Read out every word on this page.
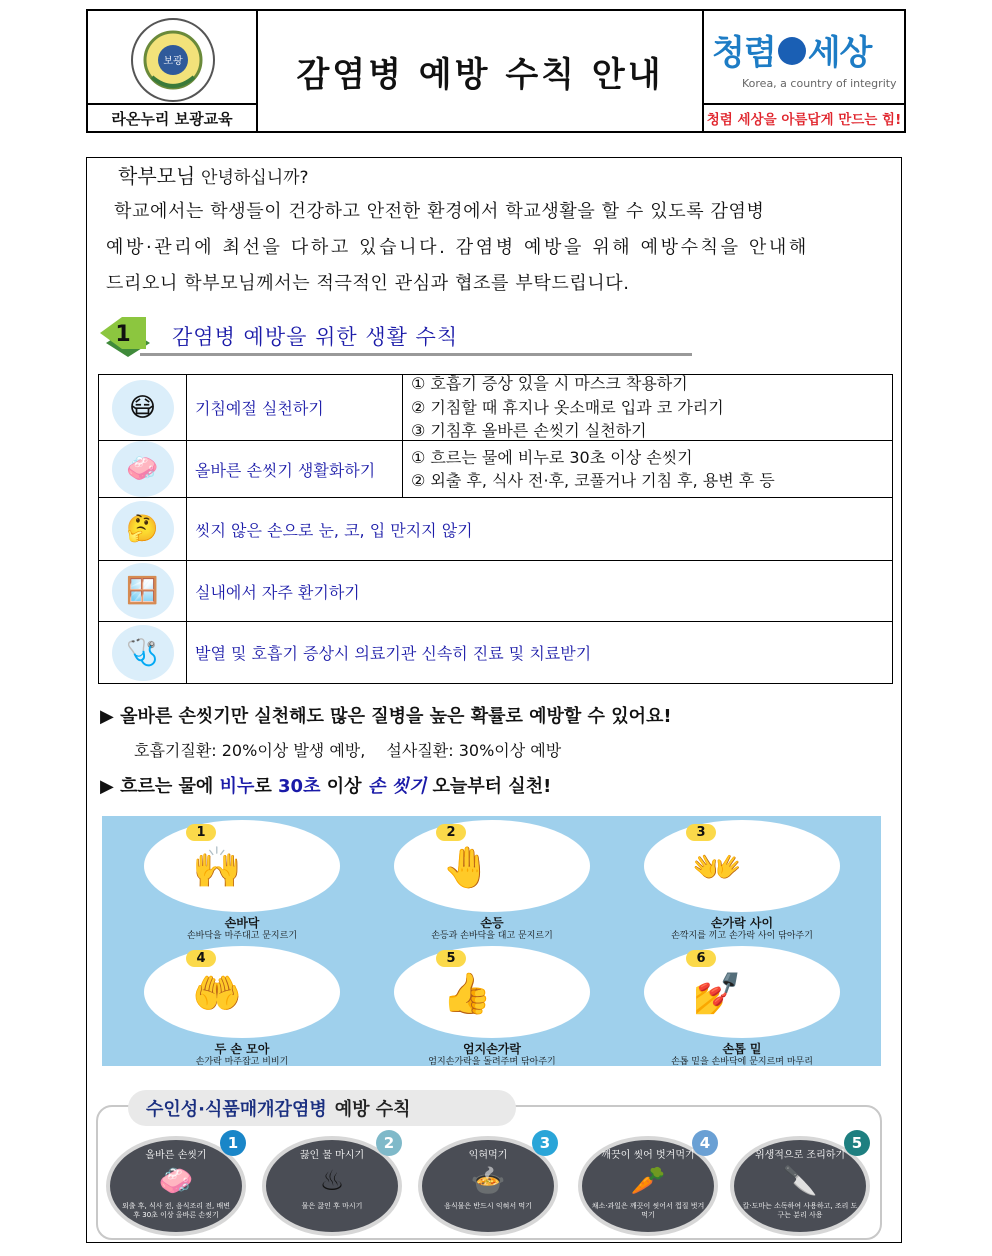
보광
라온누리 보광교육
감염병 예방 수칙 안내
청렴 세상
Korea, a country of integrity
청렴 세상을 아름답게 만드는 힘!
학부모님 안녕하십니까?
학교에서는 학생들이 건강하고 안전한 환경에서 학교생활을 할 수 있도록 감염병
예방·관리에 최선을 다하고 있습니다. 감염병 예방을 위해 예방수칙을 안내해
드리오니 학부모님께서는 적극적인 관심과 협조를 부탁드립니다.
1 감염병 예방을 위한 생활 수칙
😷	기침예절 실천하기
① 호흡기 증상 있을 시 마스크 착용하기
② 기침할 때 휴지나 옷소매로 입과 코 가리기
③ 기침후 올바른 손씻기 실천하기
🧼	올바른 손씻기 생활화하기
① 흐르는 물에 비누로 30초 이상 손씻기
② 외출 후, 식사 전·후, 코풀거나 기침 후, 용변 후 등
🤔	씻지 않은 손으로 눈, 코, 입 만지지 않기
🪟	실내에서 자주 환기하기
🩺	발열 및 호흡기 증상시 의료기관 신속히 진료 및 치료받기
▶ 올바른 손씻기만 실천해도 많은 질병을 높은 확률로 예방할 수 있어요!
호흡기질환: 20%이상 발생 예방, 설사질환: 30%이상 예방
▶ 흐르는 물에 비누로 30초 이상 손 씻기 오늘부터 실천!
🙌
1
손바닥
손바닥을 마주대고 문지르기
🤚
2
손등
손등과 손바닥을 대고 문지르기
👐
3
손가락 사이
손깍지를 끼고 손가락 사이 닦아주기
🤲
4
두 손 모아
손가락 마주잡고 비비기
👍
5
엄지손가락
엄지손가락을 돌려주며 닦아주기
💅
6
손톱 밑
손톱 밑을 손바닥에 문지르며 마무리
수인성·식품매개감염병 예방 수칙
1
올바른 손씻기
🧼
외출 후, 식사 전, 음식조리 전, 배변 후 30초 이상 올바른 손씻기
2
끓인 물 마시기
♨
물은 끓인 후 마시기
3
익혀먹기
🍲
음식물은 반드시 익혀서 먹기
4
깨끗이 씻어 벗겨먹기
🥕
채소·과일은 깨끗이 씻어서 껍질 벗겨 먹기
5
위생적으로 조리하기
🔪
칼·도마는 소독하여 사용하고, 조리 도구는 분리 사용
